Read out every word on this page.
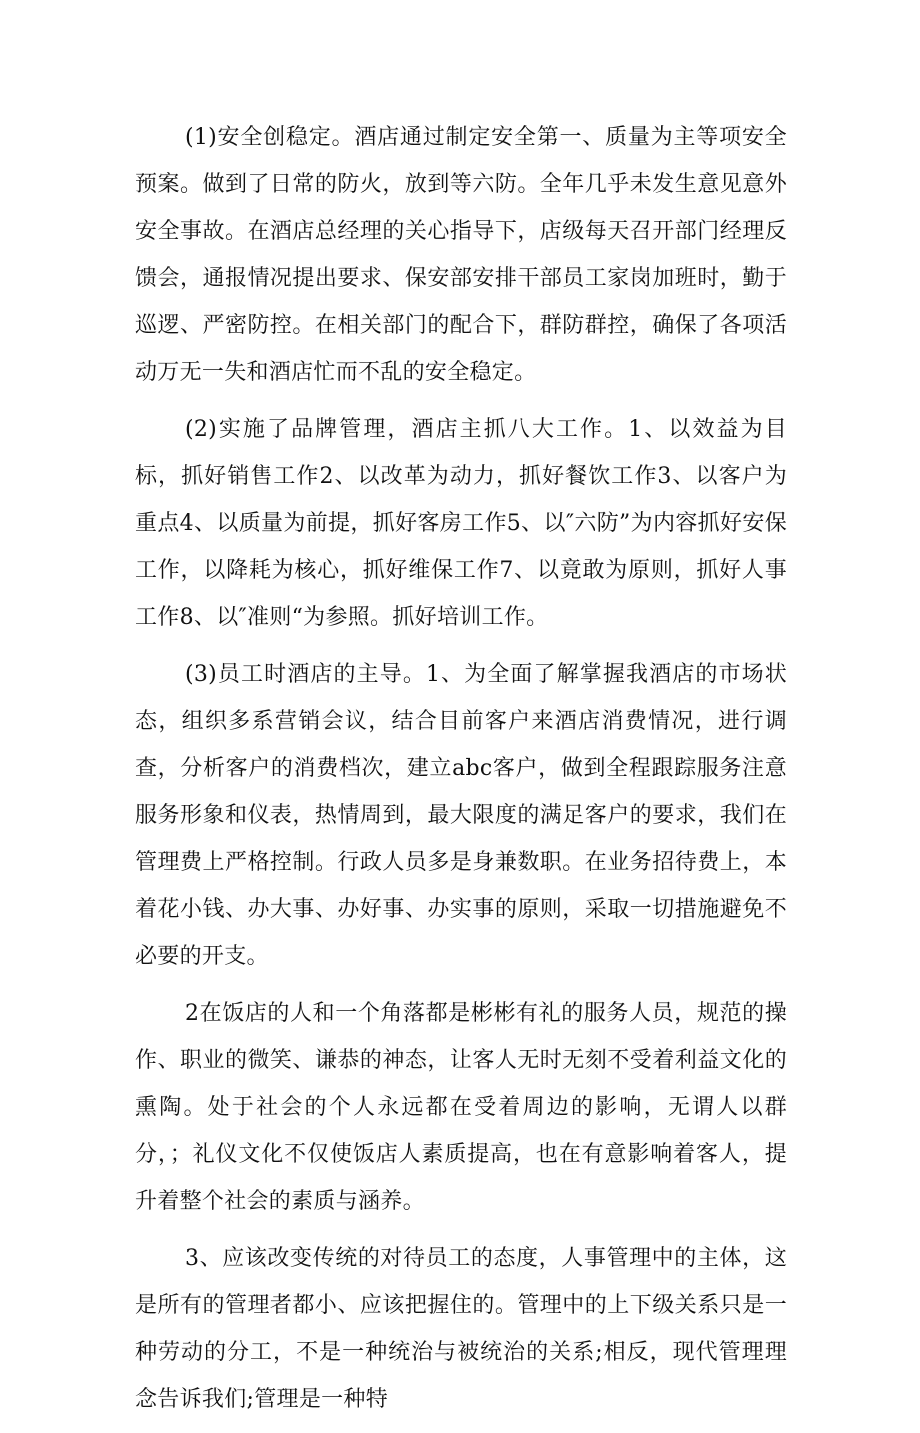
(1)安全创稳定。酒店通过制定安全第一、质量为主等项安全预案。做到了日常的防火，放到等六防。全年几乎未发生意见意外安全事故。在酒店总经理的关心指导下，店级每天召开部门经理反馈会，通报情况提出要求、保安部安排干部员工家岗加班时，勤于巡逻、严密防控。在相关部门的配合下，群防群控，确保了各项活动万无一失和酒店忙而不乱的安全稳定。

(2)实施了品牌管理，酒店主抓八大工作。1、以效益为目标，抓好销售工作2、以改革为动力，抓好餐饮工作3、以客户为重点4、以质量为前提，抓好客房工作5、以″六防”为内容抓好安保工作，以降耗为核心，抓好维保工作7、以竟敢为原则，抓好人事工作8、以″准则“为参照。抓好培训工作。

(3)员工时酒店的主导。1、为全面了解掌握我酒店的市场状态，组织多系营销会议，结合目前客户来酒店消费情况，进行调查，分析客户的消费档次，建立abc客户，做到全程跟踪服务注意服务形象和仪表，热情周到，最大限度的满足客户的要求，我们在管理费上严格控制。行政人员多是身兼数职。在业务招待费上，本着花小钱、办大事、办好事、办实事的原则，采取一切措施避免不必要的开支。

2在饭店的人和一个角落都是彬彬有礼的服务人员，规范的操作、职业的微笑、谦恭的神态，让客人无时无刻不受着利益文化的熏陶。处于社会的个人永远都在受着周边的影响，无谓人以群分，；礼仪文化不仅使饭店人素质提高，也在有意影响着客人，提升着整个社会的素质与涵养。

3、应该改变传统的对待员工的态度，人事管理中的主体，这是所有的管理者都小、应该把握住的。管理中的上下级关系只是一种劳动的分工，不是一种统治与被统治的关系;相反，现代管理理念告诉我们;管理是一种特
